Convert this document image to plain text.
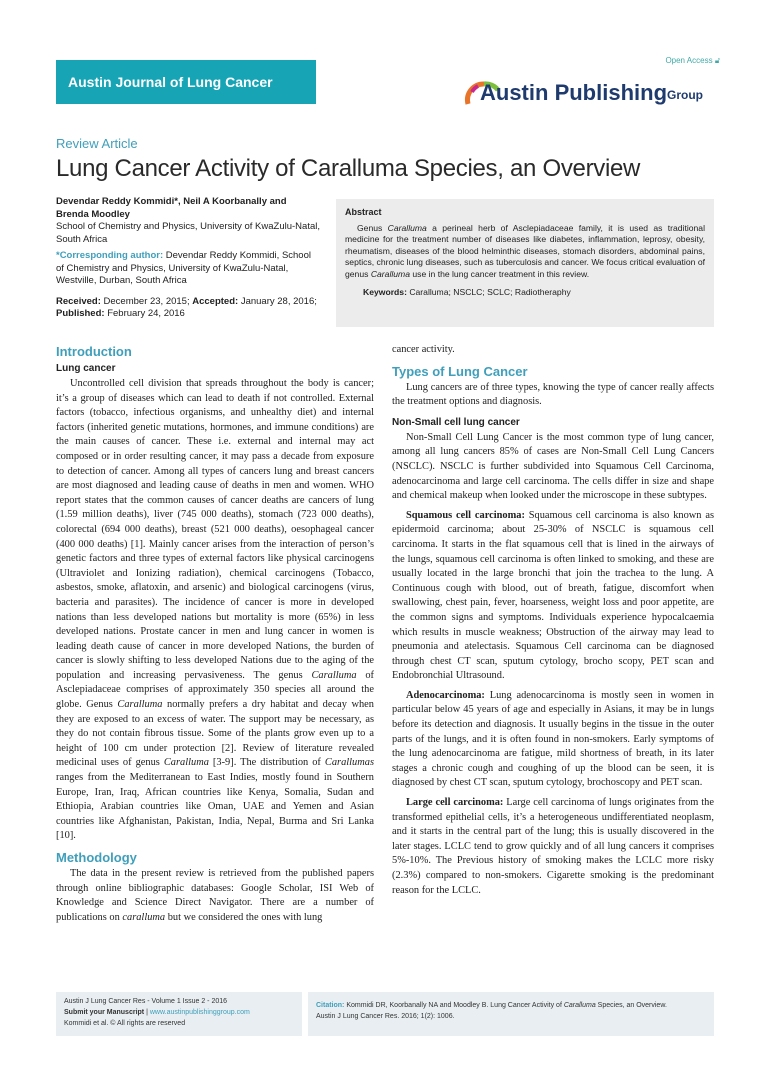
Open Access 🔓︎
Austin Journal of Lung Cancer Research
Austin Publishing Group
Review Article
Lung Cancer Activity of Caralluma Species, an Overview
Devendar Reddy Kommidi*, Neil A Koorbanally and Brenda Moodley
School of Chemistry and Physics, University of KwaZulu-Natal, South Africa
*Corresponding author: Devendar Reddy Kommidi, School of Chemistry and Physics, University of KwaZulu-Natal, Westville, Durban, South Africa
Received: December 23, 2015; Accepted: January 28, 2016; Published: February 24, 2016
Abstract
Genus Caralluma a perineal herb of Asclepiadaceae family, it is used as traditional medicine for the treatment number of diseases like diabetes, inflammation, leprosy, obesity, rheumatism, diseases of the blood helminthic diseases, stomach disorders, abdominal pains, septics, chronic lung diseases, such as tuberculosis and cancer. We focus critical evaluation of genus Caralluma use in the lung cancer treatment in this review.
Keywords: Caralluma; NSCLC; SCLC; Radiotheraphy
Introduction
Lung cancer

Uncontrolled cell division that spreads throughout the body is cancer; it’s a group of diseases which can lead to death if not controlled. External factors (tobacco, infectious organisms, and unhealthy diet) and internal factors (inherited genetic mutations, hormones, and immune conditions) are the main causes of cancer. These i.e. external and internal may act composed or in order resulting cancer, it may pass a decade from exposure to detection of cancer. Among all types of cancers lung and breast cancers are most diagnosed and leading cause of deaths in men and women. WHO report states that the common causes of cancer deaths are cancers of lung (1.59 million deaths), liver (745 000 deaths), stomach (723 000 deaths), colorectal (694 000 deaths), breast (521 000 deaths), oesophageal cancer (400 000 deaths) [1]. Mainly cancer arises from the interaction of person’s genetic factors and three types of external factors like physical carcinogens (Ultraviolet and Ionizing radiation), chemical carcinogens (Tobacco, asbestos, smoke, aflatoxin, and arsenic) and biological carcinogens (virus, bacteria and parasites). The incidence of cancer is more in developed nations than less developed nations but mortality is more (65%) in less developed nations. Prostate cancer in men and lung cancer in women is leading death cause of cancer in more developed Nations, the burden of cancer is slowly shifting to less developed Nations due to the aging of the population and increasing pervasiveness. The genus Caralluma of Asclepiadaceae comprises of approximately 350 species all around the globe. Genus Caralluma normally prefers a dry habitat and decay when they are exposed to an excess of water. The support may be necessary, as they do not contain fibrous tissue. Some of the plants grow even up to a height of 100 cm under protection [2]. Review of literature revealed medicinal uses of genus Caralluma [3-9]. The distribution of Carallumas ranges from the Mediterranean to East Indies, mostly found in Southern Europe, Iran, Iraq, African countries like Kenya, Somalia, Sudan and Ethiopia, Arabian countries like Oman, UAE and Yemen and Asian countries like Afghanistan, Pakistan, India, Nepal, Burma and Sri Lanka [10].

Methodology

The data in the present review is retrieved from the published papers through online bibliographic databases: Google Scholar, ISI Web of Knowledge and Science Direct Navigator. There are a number of publications on caralluma but we considered the ones with lung

cancer activity.

Types of Lung Cancer

Lung cancers are of three types, knowing the type of cancer really affects the treatment options and diagnosis.

Non-Small cell lung cancer

Non-Small Cell Lung Cancer is the most common type of lung cancer, among all lung cancers 85% of cases are Non-Small Cell Lung Cancers (NSCLC). NSCLC is further subdivided into Squamous Cell Carcinoma, adenocarcinoma and large cell carcinoma. The cells differ in size and shape and chemical makeup when looked under the microscope in these subtypes.

Squamous cell carcinoma: Squamous cell carcinoma is also known as epidermoid carcinoma; about 25-30% of NSCLC is squamous cell carcinoma. It starts in the flat squamous cell that is lined in the airways of the lungs, squamous cell carcinoma is often linked to smoking, and these are usually located in the large bronchi that join the trachea to the lung. A Continuous cough with blood, out of breath, fatigue, discomfort when swallowing, chest pain, fever, hoarseness, weight loss and poor appetite, are the common signs and symptoms. Individuals experience hypocalcaemia which results in muscle weakness; Obstruction of the airway may lead to pneumonia and atelectasis. Squamous Cell carcinoma can be diagnosed through chest CT scan, sputum cytology, brocho scopy, PET scan and Endobronchial Ultrasound.

Adenocarcinoma: Lung adenocarcinoma is mostly seen in women in particular below 45 years of age and especially in Asians, it may be in lungs before its detection and diagnosis. It usually begins in the tissue in the outer parts of the lungs, and it is often found in non-smokers. Early symptoms of the lung adenocarcinoma are fatigue, mild shortness of breath, in its later stages a chronic cough and coughing of up the blood can be seen, it is diagnosed by chest CT scan, sputum cytology, brochoscopy and PET scan.

Large cell carcinoma: Large cell carcinoma of lungs originates from the transformed epithelial cells, it’s a heterogeneous undifferentiated neoplasm, and it starts in the central part of the lung; this is usually discovered in the later stages. LCLC tend to grow quickly and of all lung cancers it comprises 5%-10%. The Previous history of smoking makes the LCLC more risky (2.3%) compared to non-smokers. Cigarette smoking is the predominant reason for the LCLC.

Austin J Lung Cancer Res - Volume 1 Issue 2 - 2016
Submit your Manuscript | www.austinpublishinggroup.com
Kommidi et al. © All rights are reserved
Citation: Kommidi DR, Koorbanally NA and Moodley B. Lung Cancer Activity of Caralluma Species, an Overview.
Austin J Lung Cancer Res. 2016; 1(2): 1006.
